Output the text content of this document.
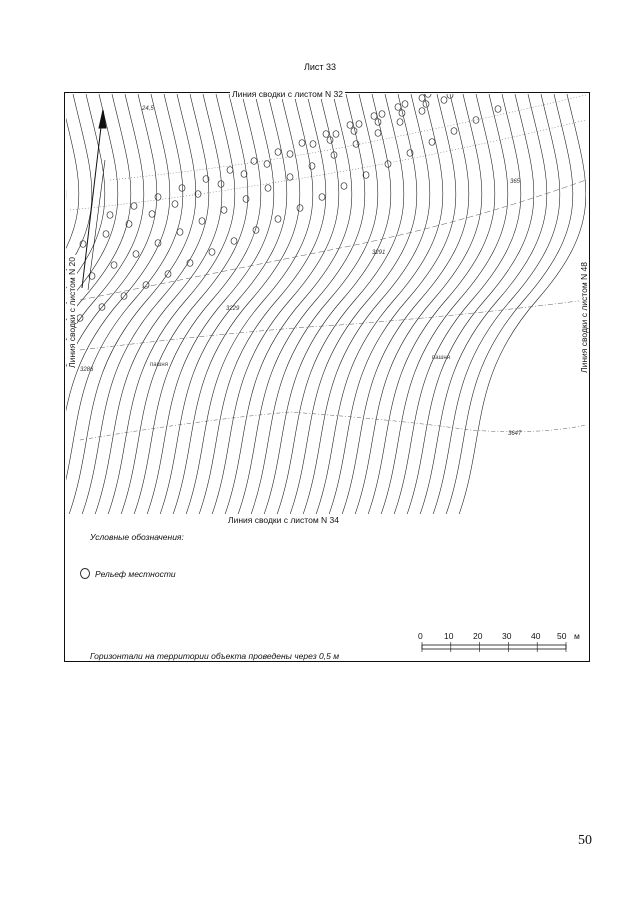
Лист 33
24,5
3291
3229
3286
3647
365
пашня
пашня
Линия сводки с листом N 32
Линия сводки с листом N 34
Линия сводки с листом N 20	Линия сводки с листом N 48
Условные обозначения:
Рельеф местности
0	10 20 30 40 50 м
Горизонтали на территории объекта проведены через 0,5 м
50
